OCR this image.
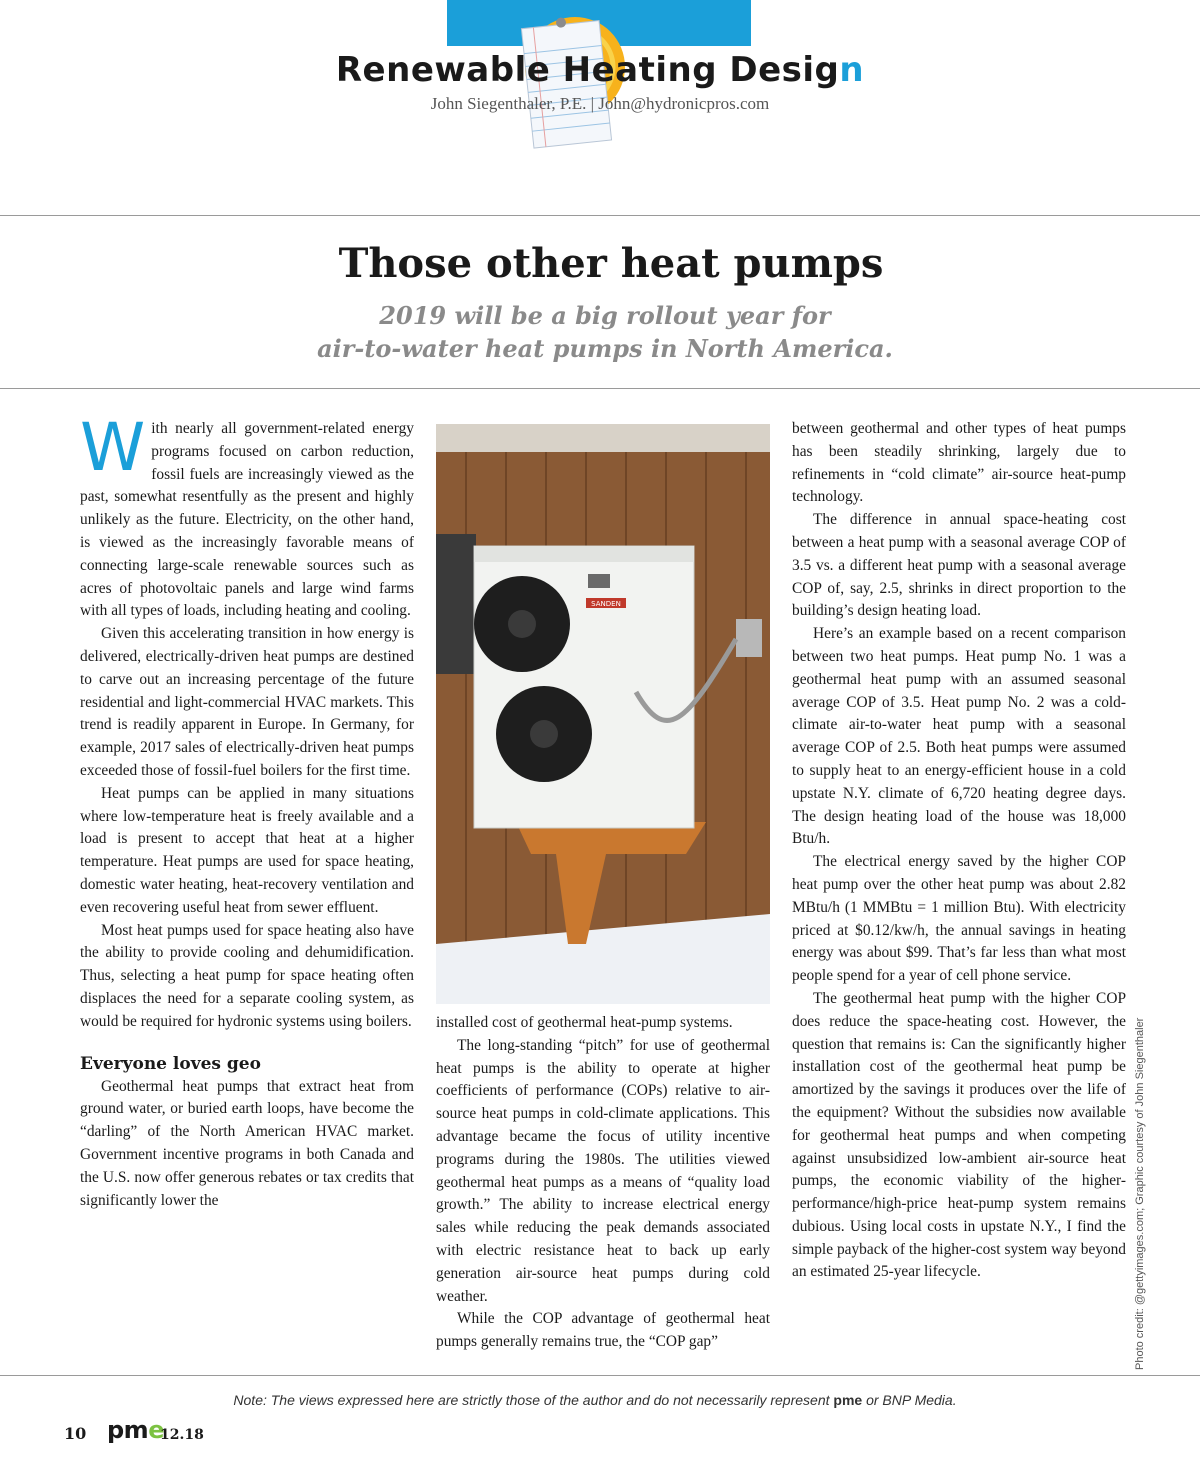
Renewable Heating Design
John Siegenthaler, P.E. | John@hydronicpros.com
Those other heat pumps
2019 will be a big rollout year for
air-to-water heat pumps in North America.

With nearly all government-related energy programs focused on carbon reduction, fossil fuels are increasingly viewed as the past, somewhat resentfully as the present and highly unlikely as the future. Electricity, on the other hand, is viewed as the increasingly favorable means of connecting large-scale renewable sources such as acres of photovoltaic panels and large wind farms with all types of loads, including heating and cooling.

Given this accelerating transition in how energy is delivered, electrically-driven heat pumps are destined to carve out an increasing percentage of the future residential and light-commercial HVAC markets. This trend is readily apparent in Europe. In Germany, for example, 2017 sales of electrically-driven heat pumps exceeded those of fossil-fuel boilers for the first time.

Heat pumps can be applied in many situations where low-temperature heat is freely available and a load is present to accept that heat at a higher temperature. Heat pumps are used for space heating, domestic water heating, heat-recovery ventilation and even recovering useful heat from sewer effluent.

Most heat pumps used for space heating also have the ability to provide cooling and dehumidification. Thus, selecting a heat pump for space heating often displaces the need for a separate cooling system, as would be required for hydronic systems using boilers.

Everyone loves geo

Geothermal heat pumps that extract heat from ground water, or buried earth loops, have become the “darling” of the North American HVAC market. Government incentive programs in both Canada and the U.S. now offer generous rebates or tax credits that significantly lower the

SANDEN

installed cost of geothermal heat-pump systems.

The long-standing “pitch” for use of geothermal heat pumps is the ability to operate at higher coefficients of performance (COPs) relative to air-source heat pumps in cold-climate applications. This advantage became the focus of utility incentive programs during the 1980s. The utilities viewed geothermal heat pumps as a means of “quality load growth.” The ability to increase electrical energy sales while reducing the peak demands associated with electric resistance heat to back up early generation air-source heat pumps during cold weather.

While the COP advantage of geothermal heat pumps generally remains true, the “COP gap”

between geothermal and other types of heat pumps has been steadily shrinking, largely due to refinements in “cold climate” air-source heat-pump technology.

The difference in annual space-heating cost between a heat pump with a seasonal average COP of 3.5 vs. a different heat pump with a seasonal average COP of, say, 2.5, shrinks in direct proportion to the building’s design heating load.

Here’s an example based on a recent comparison between two heat pumps. Heat pump No. 1 was a geothermal heat pump with an assumed seasonal average COP of 3.5. Heat pump No. 2 was a cold-climate air-to-water heat pump with a seasonal average COP of 2.5. Both heat pumps were assumed to supply heat to an energy-efficient house in a cold upstate N.Y. climate of 6,720 heating degree days. The design heating load of the house was 18,000 Btu/h.

The electrical energy saved by the higher COP heat pump over the other heat pump was about 2.82 MBtu/h (1 MMBtu = 1 million Btu). With electricity priced at $0.12/kw/h, the annual savings in heating energy was about $99. That’s far less than what most people spend for a year of cell phone service.

The geothermal heat pump with the higher COP does reduce the space-heating cost. However, the question that remains is: Can the significantly higher installation cost of the geothermal heat pump be amortized by the savings it produces over the life of the equipment? Without the subsidies now available for geothermal heat pumps and when competing against unsubsidized low-ambient air-source heat pumps, the economic viability of the higher-performance/high-price heat-pump system remains dubious. Using local costs in upstate N.Y., I find the simple payback of the higher-cost system way beyond an estimated 25-year lifecycle.	Photo credit: @gettyimages.com; Graphic courtesy of John Siegenthaler
Note: The views expressed here are strictly those of the author and do not necessarily represent pme or BNP Media.
10 pme
12.18
